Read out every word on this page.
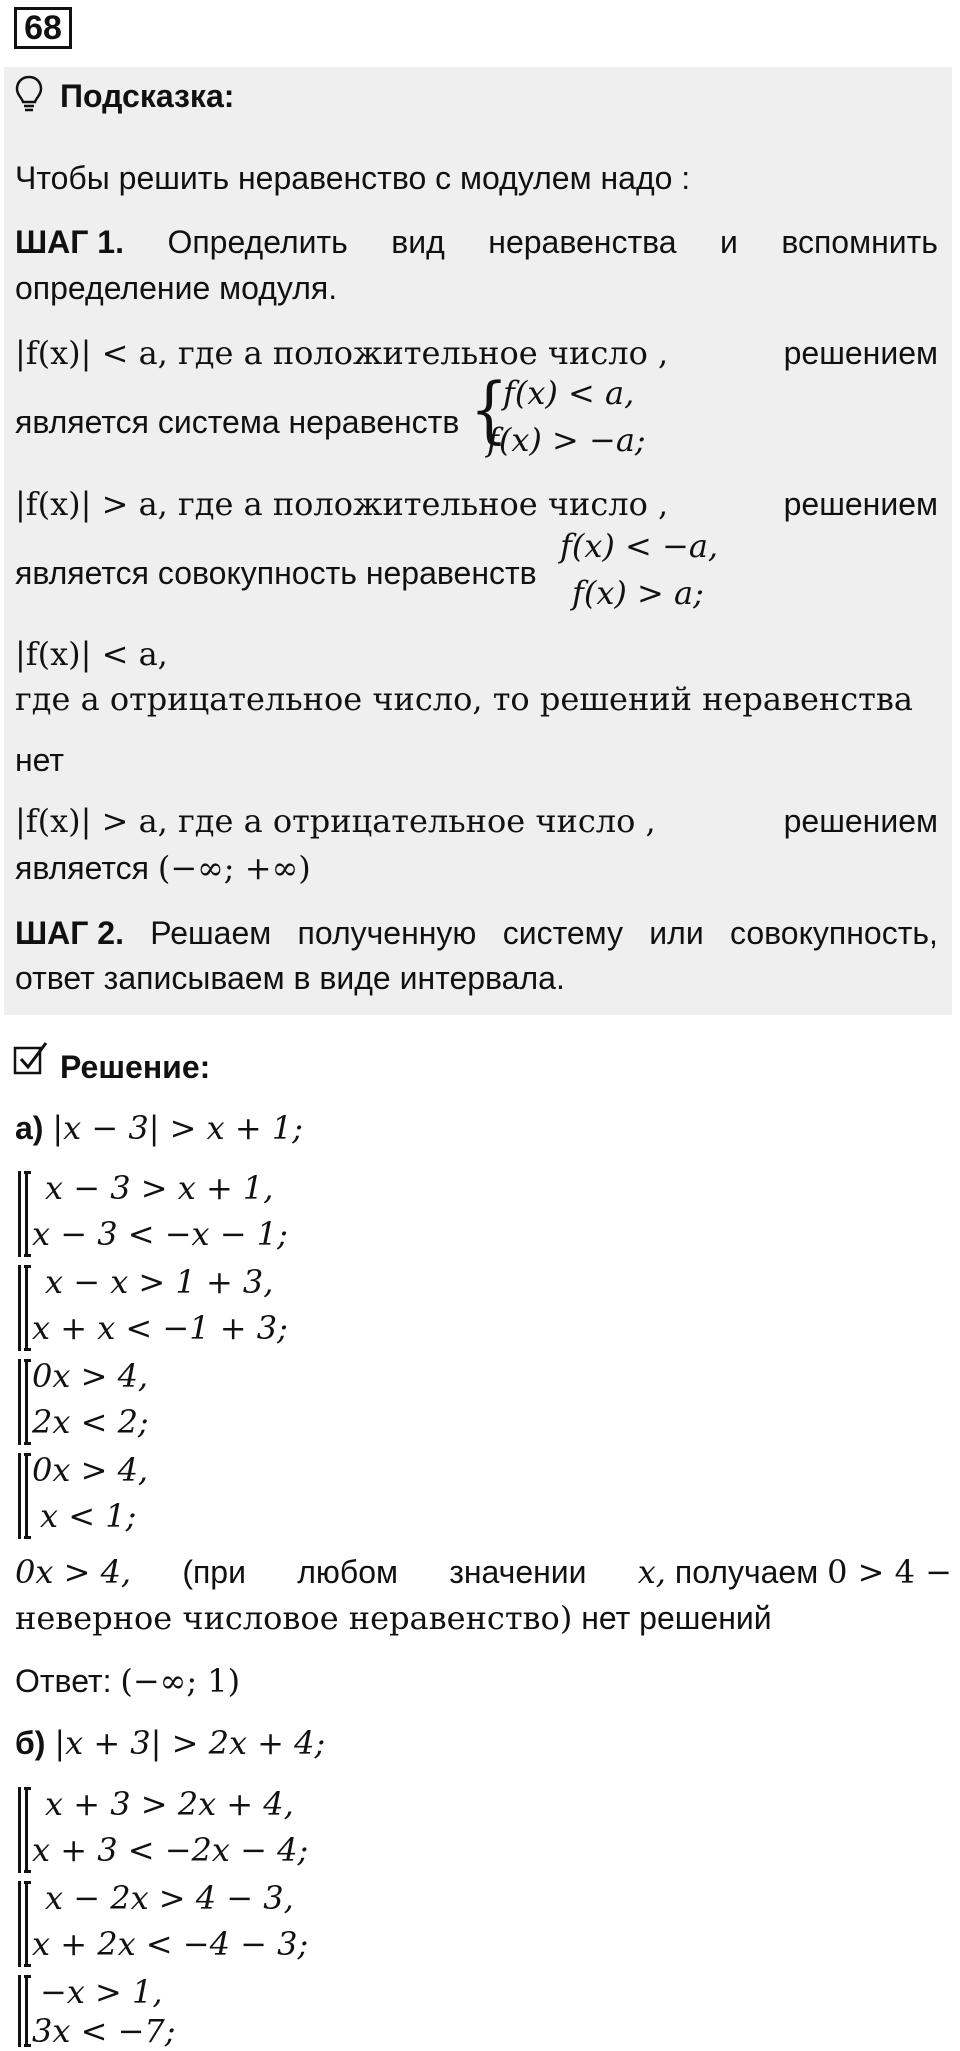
68
Подсказка:
Чтобы решить неравенство с модулем надо :
ШАГ 1. Определить вид неравенства и вспомнить
определение модуля.
|f(x)| < a, где a положительное число ,	решением
является система неравенств {
f(x) < a,
f(x) > −a;
|f(x)| > a, где a положительное число ,	решением
является совокупность неравенств
f(x) < −a,
f(x) > a;
|f(x)| < a,
где a отрицательное число, то решений неравенства
нет
|f(x)| > a, где a отрицательное число ,	решением
является (−∞; +∞)
ШАГ 2. Решаем полученную систему или совокупность,
ответ записываем в виде интервала.
Решение:
а) |x − 3| > x + 1;
x − 3 > x + 1,
x − 3 < −x − 1;
x − x > 1 + 3,
x + x < −1 + 3;
0x > 4,
2x < 2;
0x > 4,
x < 1;
0x > 4, (при любом значении x, получаем 0 > 4 −
неверное числовое неравенство) нет решений
Ответ: (−∞; 1)
б) |x + 3| > 2x + 4;
x + 3 > 2x + 4,
x + 3 < −2x − 4;
x − 2x > 4 − 3,
x + 2x < −4 − 3;
−x > 1,
3x < −7;
